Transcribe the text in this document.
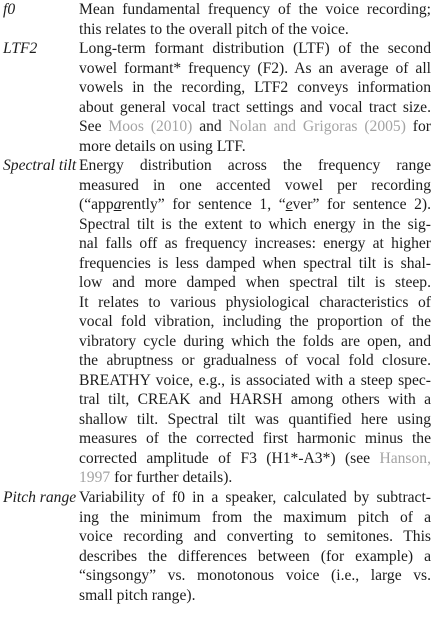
f0	Mean fundamental frequency of the voice recording;
this relates to the overall pitch of the voice.
LTF2	Long-term formant distribution (LTF) of the second
vowel formant* frequency (F2). As an average of all
vowels in the recording, LTF2 conveys information
about general vocal tract settings and vocal tract size.
See Moos (2010) and Nolan and Grigoras (2005) for
more details on using LTF.
Spectral tilt Energy distribution across the frequency range
measured in one accented vowel per recording
(“apparently” for sentence 1, “ever” for sentence 2).
Spectral tilt is the extent to which energy in the sig-
nal falls off as frequency increases: energy at higher
frequencies is less damped when spectral tilt is shal-
low and more damped when spectral tilt is steep.
It relates to various physiological characteristics of
vocal fold vibration, including the proportion of the
vibratory cycle during which the folds are open, and
the abruptness or gradualness of vocal fold closure.
BREATHY voice, e.g., is associated with a steep spec-
tral tilt, CREAK and HARSH among others with a
shallow tilt. Spectral tilt was quantified here using
measures of the corrected first harmonic minus the
corrected amplitude of F3 (H1*-A3*) (see Hanson,
1997 for further details).
Pitch range Variability of f0 in a speaker, calculated by subtract-
ing the minimum from the maximum pitch of a
voice recording and converting to semitones. This
describes the differences between (for example) a
“singsongy” vs. monotonous voice (i.e., large vs.
small pitch range).
